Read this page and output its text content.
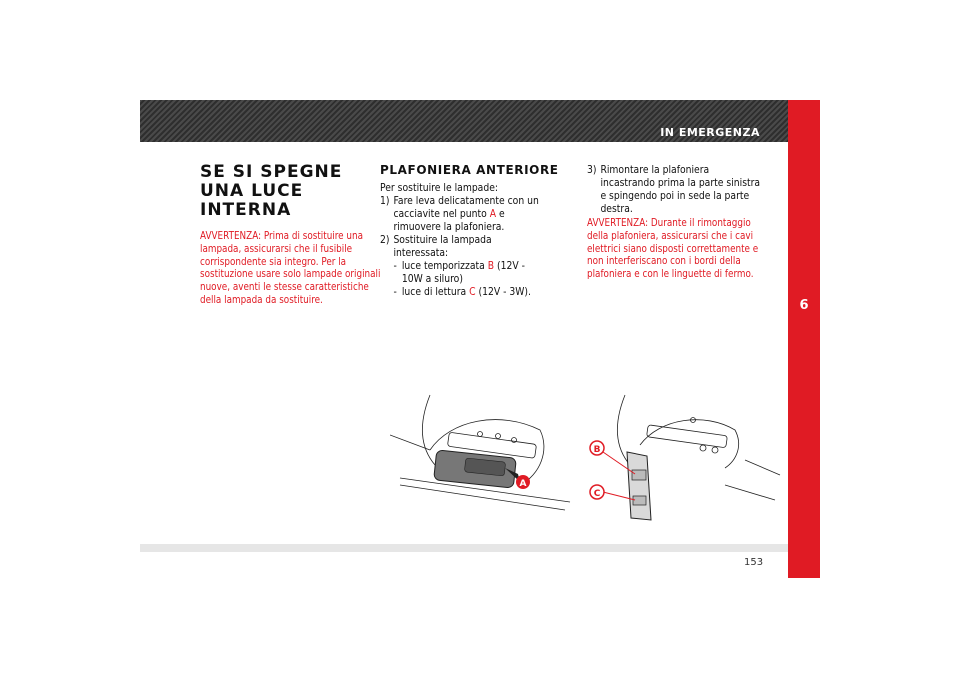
IN EMERGENZA
6
153
SE SI SPEGNE
UNA LUCE
INTERNA
AVVERTENZA: Prima di sostituire una lampada, assicurarsi che il fusibile corrispondente sia integro. Per la sostituzione usare solo lampade originali nuove, aventi le stesse caratteristiche della lampada da sostituire.
PLAFONIERA ANTERIORE
Per sostituire le lampade:
1) Fare leva delicatamente con un cacciavite nel punto A e rimuovere la plafoniera.
2) Sostituire la lampada interessata:
- luce temporizzata B (12V - 10W a siluro)
- luce di lettura C (12V - 3W).
3) Rimontare la plafoniera incastrando prima la parte sinistra e spingendo poi in sede la parte destra.
AVVERTENZA: Durante il rimontaggio della plafoniera, assicurarsi che i cavi elettrici siano disposti correttamente e non interferiscano con i bordi della plafoniera e con le linguette di fermo.
A
B
C
